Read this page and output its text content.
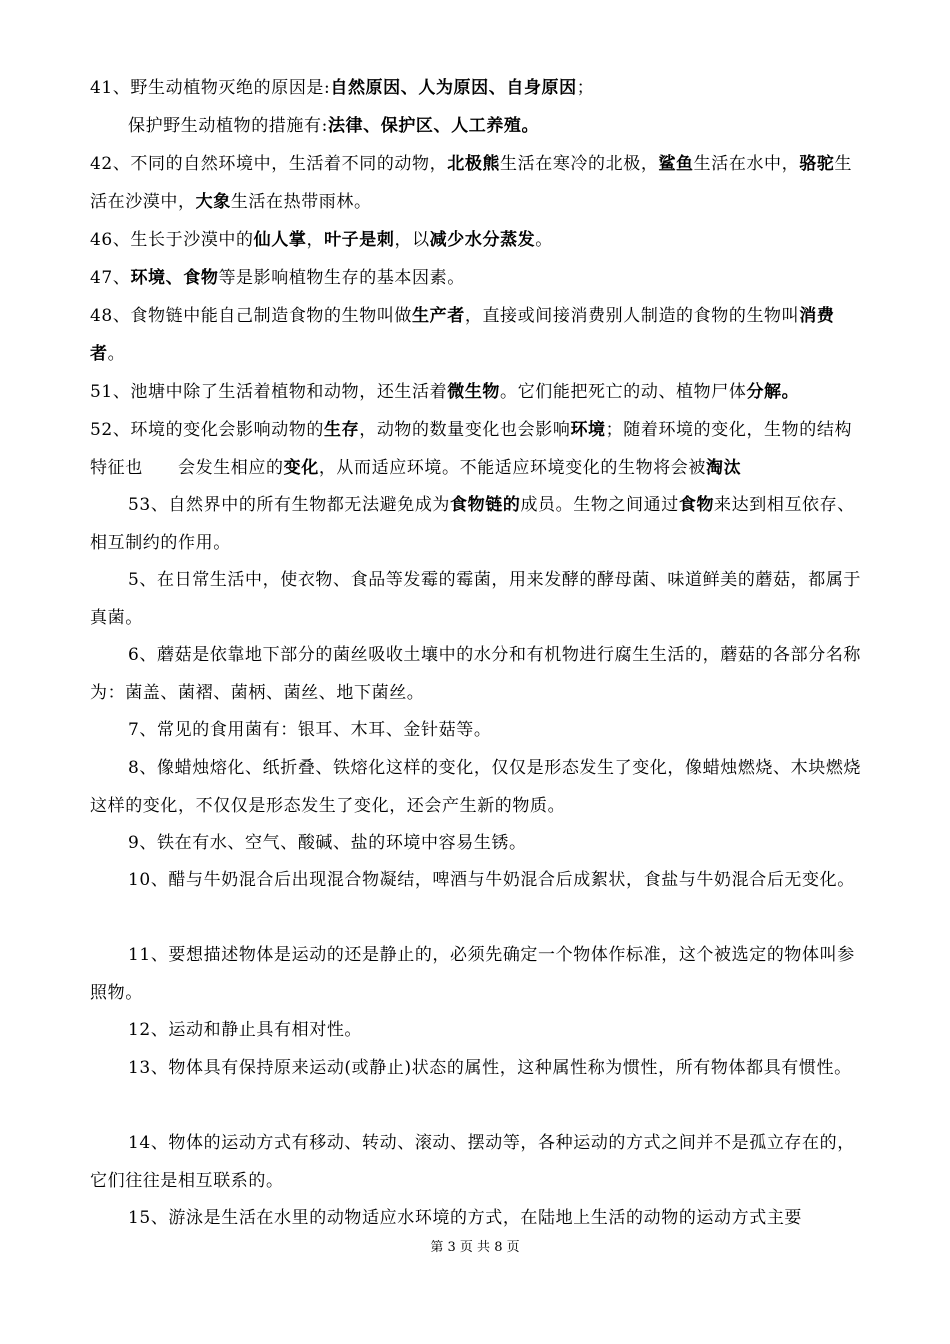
41、野生动植物灭绝的原因是:自然原因、人为原因、自身原因；
保护野生动植物的措施有:法律、保护区、人工养殖。
42、不同的自然环境中，生活着不同的动物，北极熊生活在寒冷的北极，鲨鱼生活在水中，骆驼生活在沙漠中，大象生活在热带雨林。
46、生长于沙漠中的仙人掌，叶子是刺，以减少水分蒸发。
47、环境、食物等是影响植物生存的基本因素。
48、食物链中能自己制造食物的生物叫做生产者，直接或间接消费别人制造的食物的生物叫消费者。
51、池塘中除了生活着植物和动物，还生活着微生物。它们能把死亡的动、植物尸体分解。
52、环境的变化会影响动物的生存，动物的数量变化也会影响环境；随着环境的变化，生物的结构特征也　　会发生相应的变化，从而适应环境。不能适应环境变化的生物将会被淘汰
53、自然界中的所有生物都无法避免成为食物链的成员。生物之间通过食物来达到相互依存、相互制约的作用。
5、在日常生活中，使衣物、食品等发霉的霉菌，用来发酵的酵母菌、味道鲜美的蘑菇，都属于真菌。
6、蘑菇是依靠地下部分的菌丝吸收土壤中的水分和有机物进行腐生生活的，蘑菇的各部分名称为：菌盖、菌褶、菌柄、菌丝、地下菌丝。
7、常见的食用菌有：银耳、木耳、金针菇等。
8、像蜡烛熔化、纸折叠、铁熔化这样的变化，仅仅是形态发生了变化，像蜡烛燃烧、木块燃烧这样的变化，不仅仅是形态发生了变化，还会产生新的物质。
9、铁在有水、空气、酸碱、盐的环境中容易生锈。
10、醋与牛奶混合后出现混合物凝结，啤酒与牛奶混合后成絮状，食盐与牛奶混合后无变化。
11、要想描述物体是运动的还是静止的，必须先确定一个物体作标准，这个被选定的物体叫参照物。
12、运动和静止具有相对性。
13、物体具有保持原来运动(或静止)状态的属性，这种属性称为惯性，所有物体都具有惯性。
14、物体的运动方式有移动、转动、滚动、摆动等，各种运动的方式之间并不是孤立存在的，它们往往是相互联系的。
15、游泳是生活在水里的动物适应水环境的方式，在陆地上生活的动物的运动方式主要
第 3 页 共 8 页
